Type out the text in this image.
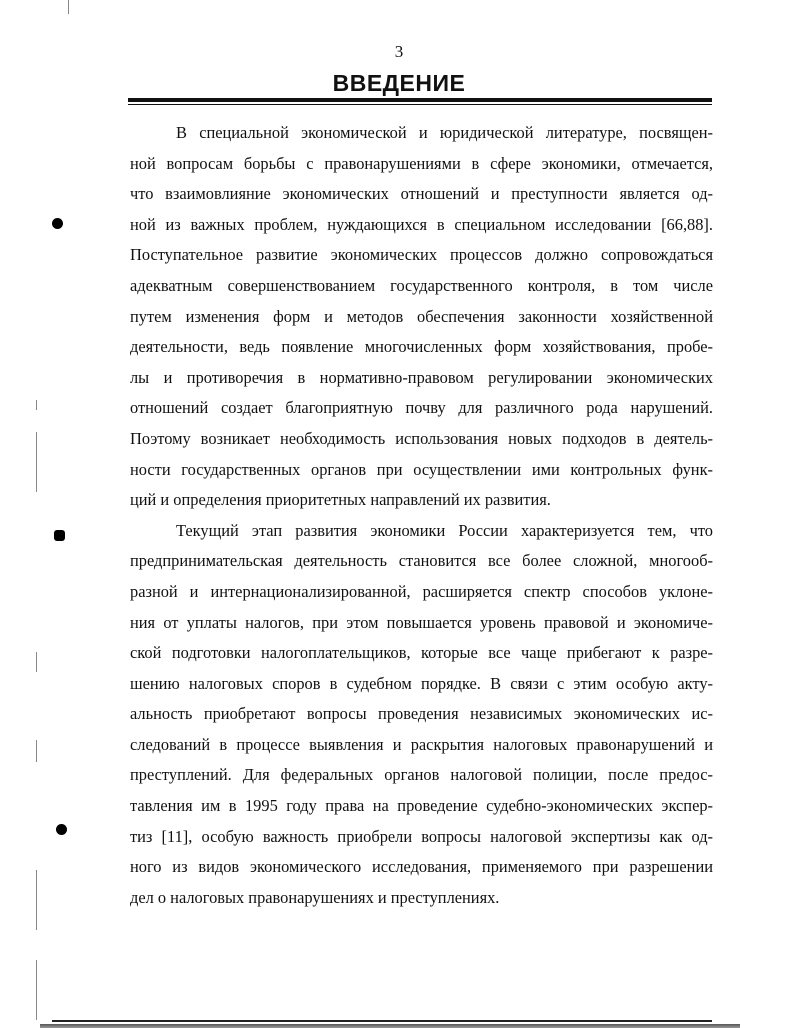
3
ВВЕДЕНИЕ

В специальной экономической и юридической литературе, посвящен-
ной вопросам борьбы с правонарушениями в сфере экономики, отмечается,
что взаимовлияние экономических отношений и преступности является од-
ной из важных проблем, нуждающихся в специальном исследовании [66,88].
Поступательное развитие экономических процессов должно сопровождаться
адекватным совершенствованием государственного контроля, в том числе
путем изменения форм и методов обеспечения законности хозяйственной
деятельности, ведь появление многочисленных форм хозяйствования, пробе-
лы и противоречия в нормативно-правовом регулировании экономических
отношений создает благоприятную почву для различного рода нарушений.
Поэтому возникает необходимость использования новых подходов в деятель-
ности государственных органов при осуществлении ими контрольных функ-
ций и определения приоритетных направлений их развития.

Текущий этап развития экономики России характеризуется тем, что
предпринимательская деятельность становится все более сложной, многооб-
разной и интернационализированной, расширяется спектр способов уклоне-
ния от уплаты налогов, при этом повышается уровень правовой и экономиче-
ской подготовки налогоплательщиков, которые все чаще прибегают к разре-
шению налоговых споров в судебном порядке. В связи с этим особую акту-
альность приобретают вопросы проведения независимых экономических ис-
следований в процессе выявления и раскрытия налоговых правонарушений и
преступлений. Для федеральных органов налоговой полиции, после предос-
тавления им в 1995 году права на проведение судебно-экономических экспер-
тиз [11], особую важность приобрели вопросы налоговой экспертизы как од-
ного из видов экономического исследования, применяемого при разрешении
дел о налоговых правонарушениях и преступлениях.
